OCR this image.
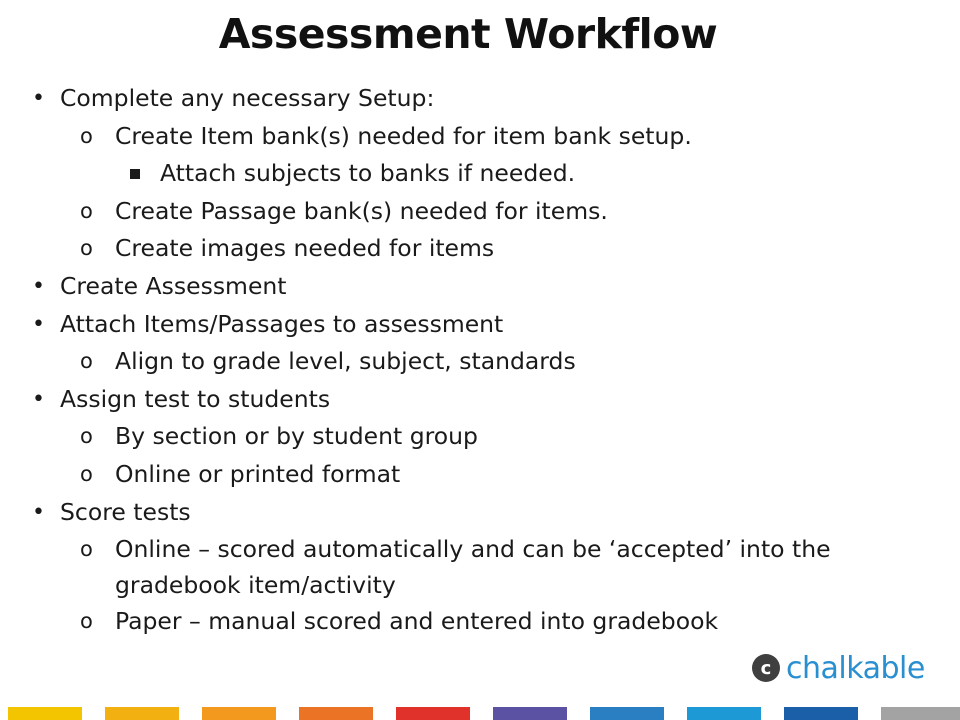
Assessment Workflow
• Complete any necessary Setup:
o Create Item bank(s) needed for item bank setup.
Attach subjects to banks if needed.
o Create Passage bank(s) needed for items.
o Create images needed for items
• Create Assessment
• Attach Items/Passages to assessment
o Align to grade level, subject, standards
• Assign test to students
o By section or by student group
o Online or printed format
• Score tests
o Online – scored automatically and can be ‘accepted’ into the gradebook item/activity
o Paper – manual scored and entered into gradebook
c chalkable
